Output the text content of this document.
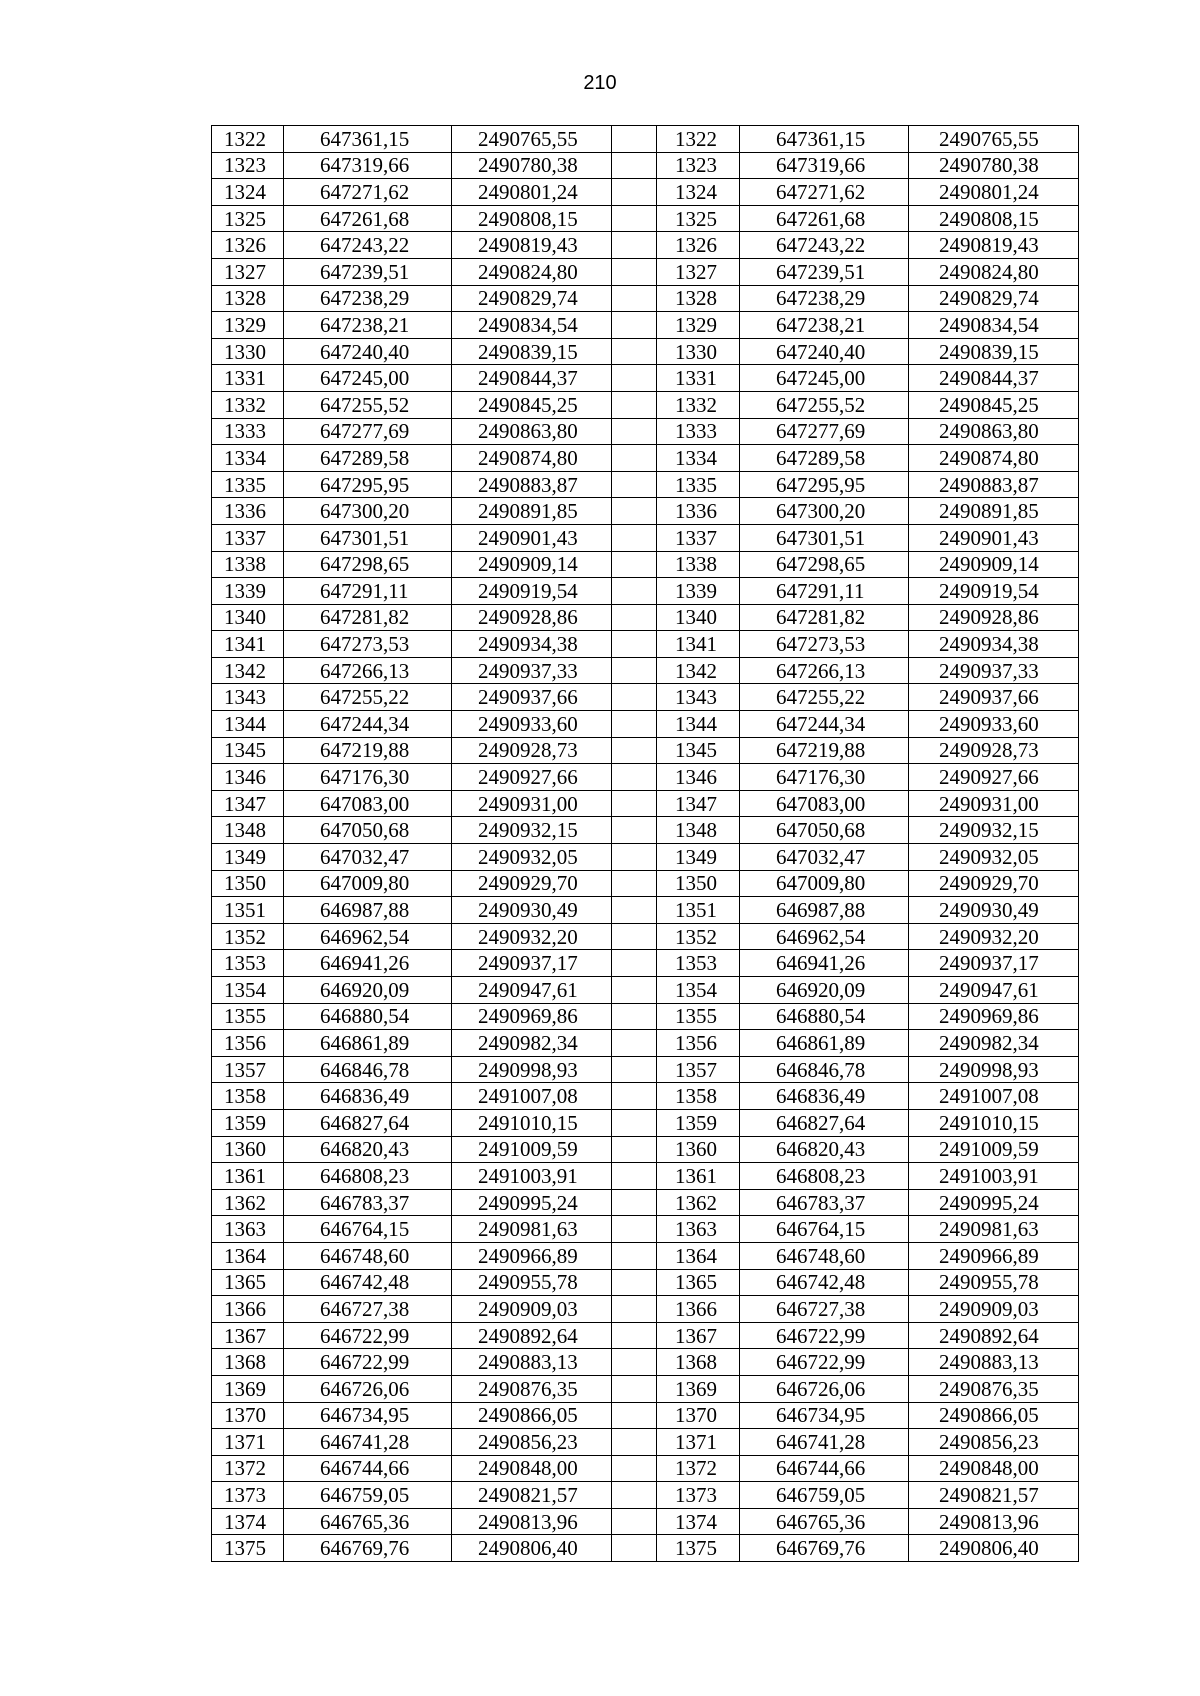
210
1322	647361,15	2490765,55		1322	647361,15	2490765,55
1323	647319,66	2490780,38		1323	647319,66	2490780,38
1324	647271,62	2490801,24		1324	647271,62	2490801,24
1325	647261,68	2490808,15		1325	647261,68	2490808,15
1326	647243,22	2490819,43		1326	647243,22	2490819,43
1327	647239,51	2490824,80		1327	647239,51	2490824,80
1328	647238,29	2490829,74		1328	647238,29	2490829,74
1329	647238,21	2490834,54		1329	647238,21	2490834,54
1330	647240,40	2490839,15		1330	647240,40	2490839,15
1331	647245,00	2490844,37		1331	647245,00	2490844,37
1332	647255,52	2490845,25		1332	647255,52	2490845,25
1333	647277,69	2490863,80		1333	647277,69	2490863,80
1334	647289,58	2490874,80		1334	647289,58	2490874,80
1335	647295,95	2490883,87		1335	647295,95	2490883,87
1336	647300,20	2490891,85		1336	647300,20	2490891,85
1337	647301,51	2490901,43		1337	647301,51	2490901,43
1338	647298,65	2490909,14		1338	647298,65	2490909,14
1339	647291,11	2490919,54		1339	647291,11	2490919,54
1340	647281,82	2490928,86		1340	647281,82	2490928,86
1341	647273,53	2490934,38		1341	647273,53	2490934,38
1342	647266,13	2490937,33		1342	647266,13	2490937,33
1343	647255,22	2490937,66		1343	647255,22	2490937,66
1344	647244,34	2490933,60		1344	647244,34	2490933,60
1345	647219,88	2490928,73		1345	647219,88	2490928,73
1346	647176,30	2490927,66		1346	647176,30	2490927,66
1347	647083,00	2490931,00		1347	647083,00	2490931,00
1348	647050,68	2490932,15		1348	647050,68	2490932,15
1349	647032,47	2490932,05		1349	647032,47	2490932,05
1350	647009,80	2490929,70		1350	647009,80	2490929,70
1351	646987,88	2490930,49		1351	646987,88	2490930,49
1352	646962,54	2490932,20		1352	646962,54	2490932,20
1353	646941,26	2490937,17		1353	646941,26	2490937,17
1354	646920,09	2490947,61		1354	646920,09	2490947,61
1355	646880,54	2490969,86		1355	646880,54	2490969,86
1356	646861,89	2490982,34		1356	646861,89	2490982,34
1357	646846,78	2490998,93		1357	646846,78	2490998,93
1358	646836,49	2491007,08		1358	646836,49	2491007,08
1359	646827,64	2491010,15		1359	646827,64	2491010,15
1360	646820,43	2491009,59		1360	646820,43	2491009,59
1361	646808,23	2491003,91		1361	646808,23	2491003,91
1362	646783,37	2490995,24		1362	646783,37	2490995,24
1363	646764,15	2490981,63		1363	646764,15	2490981,63
1364	646748,60	2490966,89		1364	646748,60	2490966,89
1365	646742,48	2490955,78		1365	646742,48	2490955,78
1366	646727,38	2490909,03		1366	646727,38	2490909,03
1367	646722,99	2490892,64		1367	646722,99	2490892,64
1368	646722,99	2490883,13		1368	646722,99	2490883,13
1369	646726,06	2490876,35		1369	646726,06	2490876,35
1370	646734,95	2490866,05		1370	646734,95	2490866,05
1371	646741,28	2490856,23		1371	646741,28	2490856,23
1372	646744,66	2490848,00		1372	646744,66	2490848,00
1373	646759,05	2490821,57		1373	646759,05	2490821,57
1374	646765,36	2490813,96		1374	646765,36	2490813,96
1375	646769,76	2490806,40		1375	646769,76	2490806,40
